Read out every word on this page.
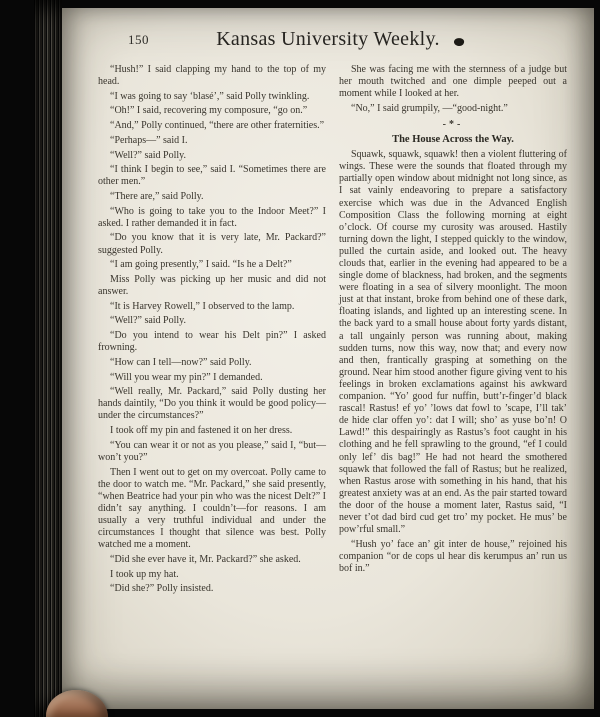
150	Kansas University Weekly.

“Hush!” I said clapping my hand to the top of my head.

“I was going to say ‘blasé’,” said Polly twinkling.

“Oh!” I said, recovering my composure, “go on.”

“And,” Polly continued, “there are other fraternities.”

“Perhaps—” said I.

“Well?” said Polly.

“I think I begin to see,” said I. “Sometimes there are other men.”

“There are,” said Polly.

“Who is going to take you to the Indoor Meet?” I asked. I rather demanded it in fact.

“Do you know that it is very late, Mr. Packard?” suggested Polly.

“I am going presently,” I said. “Is he a Delt?”

Miss Polly was picking up her music and did not answer.

“It is Harvey Rowell,” I observed to the lamp.

“Well?” said Polly.

“Do you intend to wear his Delt pin?” I asked frowning.

“How can I tell—now?” said Polly.

“Will you wear my pin?” I demanded.

“Well really, Mr. Packard,” said Polly dusting her hands daintily, “Do you think it would be good policy—under the circumstances?”

I took off my pin and fastened it on her dress.

“You can wear it or not as you please,” said I, “but—won’t you?”

Then I went out to get on my overcoat. Polly came to the door to watch me. “Mr. Packard,” she said presently, “when Beatrice had your pin who was the nicest Delt?” I didn’t say anything. I couldn’t—for reasons. I am usually a very truthful individual and under the circumstances I thought that silence was best. Polly watched me a moment.

“Did she ever have it, Mr. Packard?” she asked.

I took up my hat.

“Did she?” Polly insisted.

She was facing me with the sternness of a judge but her mouth twitched and one dimple peeped out a moment while I looked at her.

“No,” I said grumpily, —“good-night.”

-*-
The House Across the Way.

Squawk, squawk, squawk! then a violent fluttering of wings. These were the sounds that floated through my partially open window about midnight not long since, as I sat vainly endeavoring to prepare a satisfactory exercise which was due in the Advanced English Composition Class the following morning at eight o’clock. Of course my curosity was aroused. Hastily turning down the light, I stepped quickly to the window, pulled the curtain aside, and looked out. The heavy clouds that, earlier in the evening had appeared to be a single dome of blackness, had broken, and the segments were floating in a sea of silvery moonlight. The moon just at that instant, broke from behind one of these dark, floating islands, and lighted up an interesting scene. In the back yard to a small house about forty yards distant, a tall ungainly person was running about, making sudden turns, now this way, now that; and every now and then, frantically grasping at something on the ground. Near him stood another figure giving vent to his feelings in broken exclamations against his awkward companion. “Yo’ good fur nuffin, butt’r-finger’d black rascal! Rastus! ef yo’ ’lows dat fowl to ’scape, I’ll tak’ de hide clar offen yo’: dat I will; sho’ as yuse bo’n! O Lawd!” this despairingly as Rastus’s foot caught in his clothing and he fell sprawling to the ground, “ef I could only lef’ dis bag!” He had not heard the smothered squawk that followed the fall of Rastus; but he realized, when Rastus arose with something in his hand, that his greatest anxiety was at an end. As the pair started toward the door of the house a moment later, Rastus said, “I never t’ot dad bird cud get tro’ my pocket. He mus’ be pow’rful small.”

“Hush yo’ face an’ git inter de house,” rejoined his companion “or de cops ul hear dis kerumpus an’ run us bof in.”
